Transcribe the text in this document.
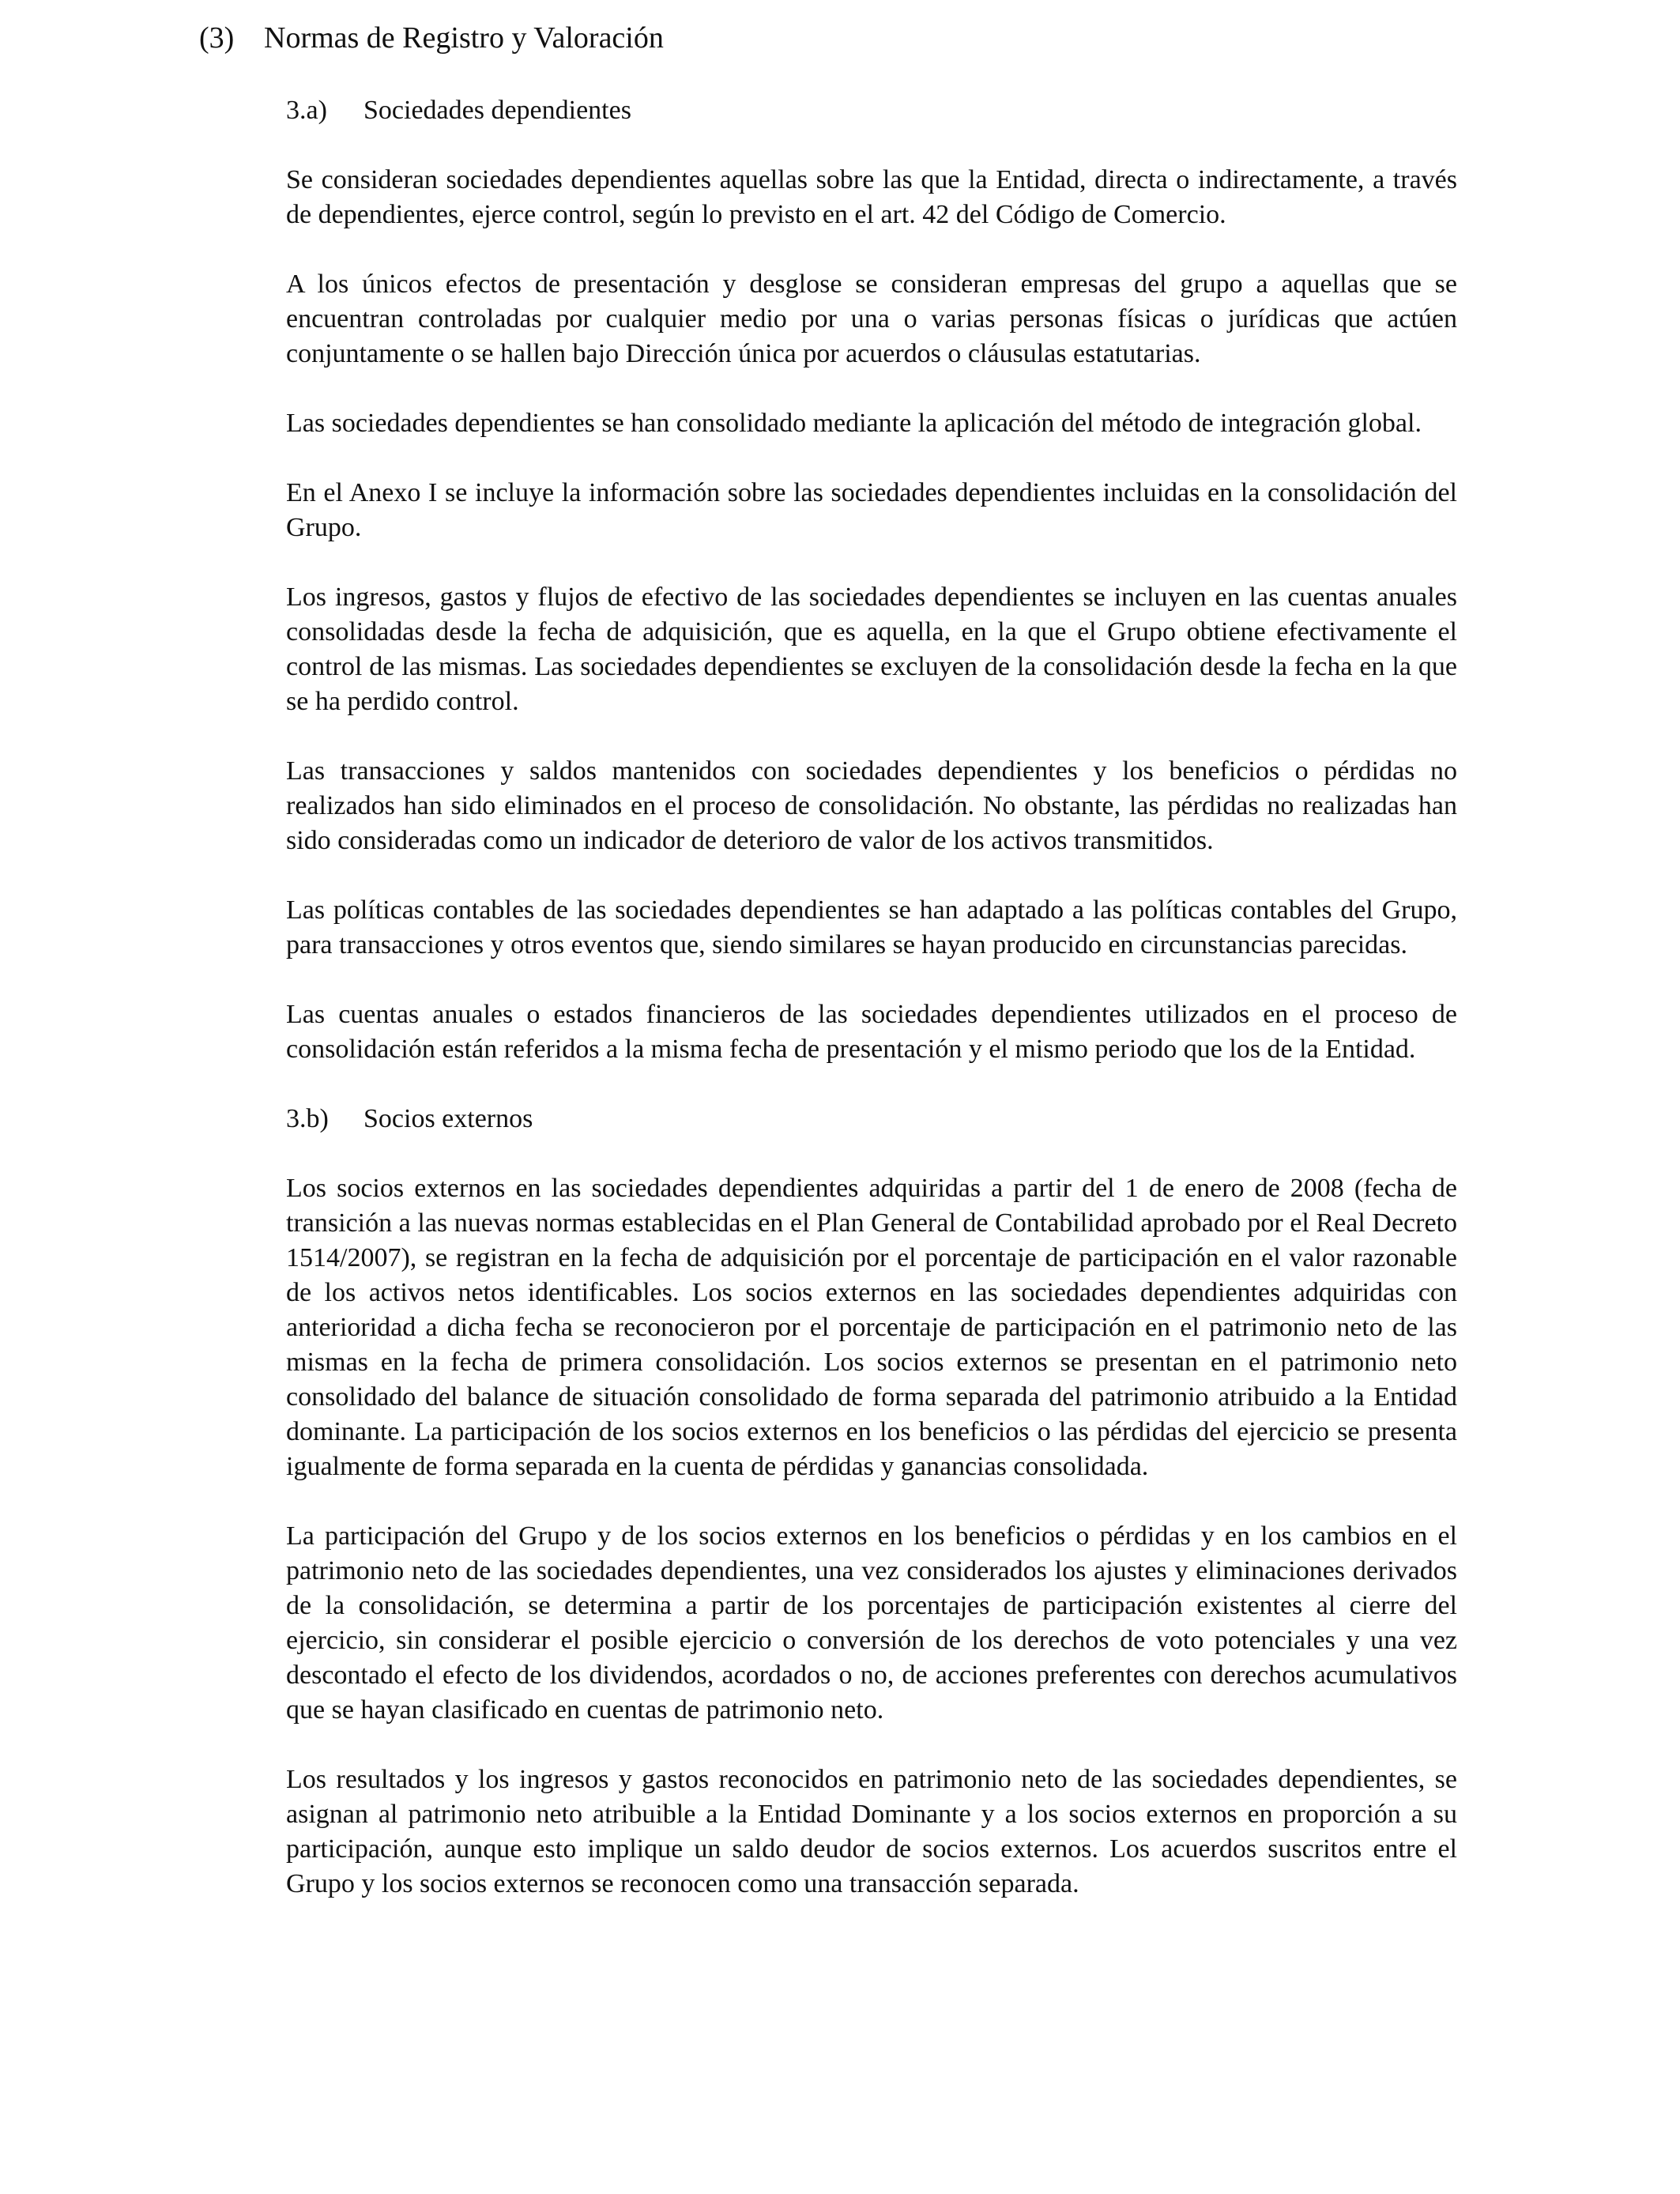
(3) Normas de Registro y Valoración
3.a) Sociedades dependientes

Se consideran sociedades dependientes aquellas sobre las que la Entidad, directa o indirectamente, a través de dependientes, ejerce control, según lo previsto en el art. 42 del Código de Comercio.

A los únicos efectos de presentación y desglose se consideran empresas del grupo a aquellas que se encuentran controladas por cualquier medio por una o varias personas físicas o jurídicas que actúen conjuntamente o se hallen bajo Dirección única por acuerdos o cláusulas estatutarias.

Las sociedades dependientes se han consolidado mediante la aplicación del método de integración global.

En el Anexo I se incluye la información sobre las sociedades dependientes incluidas en la consolidación del Grupo.

Los ingresos, gastos y flujos de efectivo de las sociedades dependientes se incluyen en las cuentas anuales consolidadas desde la fecha de adquisición, que es aquella, en la que el Grupo obtiene efectivamente el control de las mismas. Las sociedades dependientes se excluyen de la consolidación desde la fecha en la que se ha perdido control.

Las transacciones y saldos mantenidos con sociedades dependientes y los beneficios o pérdidas no realizados han sido eliminados en el proceso de consolidación. No obstante, las pérdidas no realizadas han sido consideradas como un indicador de deterioro de valor de los activos transmitidos.

Las políticas contables de las sociedades dependientes se han adaptado a las políticas contables del Grupo, para transacciones y otros eventos que, siendo similares se hayan producido en circunstancias parecidas.

Las cuentas anuales o estados financieros de las sociedades dependientes utilizados en el proceso de consolidación están referidos a la misma fecha de presentación y el mismo periodo que los de la Entidad.

3.b) Socios externos

Los socios externos en las sociedades dependientes adquiridas a partir del 1 de enero de 2008 (fecha de transición a las nuevas normas establecidas en el Plan General de Contabilidad aprobado por el Real Decreto 1514/2007), se registran en la fecha de adquisición por el porcentaje de participación en el valor razonable de los activos netos identificables. Los socios externos en las sociedades dependientes adquiridas con anterioridad a dicha fecha se reconocieron por el porcentaje de participación en el patrimonio neto de las mismas en la fecha de primera consolidación. Los socios externos se presentan en el patrimonio neto consolidado del balance de situación consolidado de forma separada del patrimonio atribuido a la Entidad dominante. La participación de los socios externos en los beneficios o las pérdidas del ejercicio se presenta igualmente de forma separada en la cuenta de pérdidas y ganancias consolidada.

La participación del Grupo y de los socios externos en los beneficios o pérdidas y en los cambios en el patrimonio neto de las sociedades dependientes, una vez considerados los ajustes y eliminaciones derivados de la consolidación, se determina a partir de los porcentajes de participación existentes al cierre del ejercicio, sin considerar el posible ejercicio o conversión de los derechos de voto potenciales y una vez descontado el efecto de los dividendos, acordados o no, de acciones preferentes con derechos acumulativos que se hayan clasificado en cuentas de patrimonio neto.

Los resultados y los ingresos y gastos reconocidos en patrimonio neto de las sociedades dependientes, se asignan al patrimonio neto atribuible a la Entidad Dominante y a los socios externos en proporción a su participación, aunque esto implique un saldo deudor de socios externos. Los acuerdos suscritos entre el Grupo y los socios externos se reconocen como una transacción separada.
